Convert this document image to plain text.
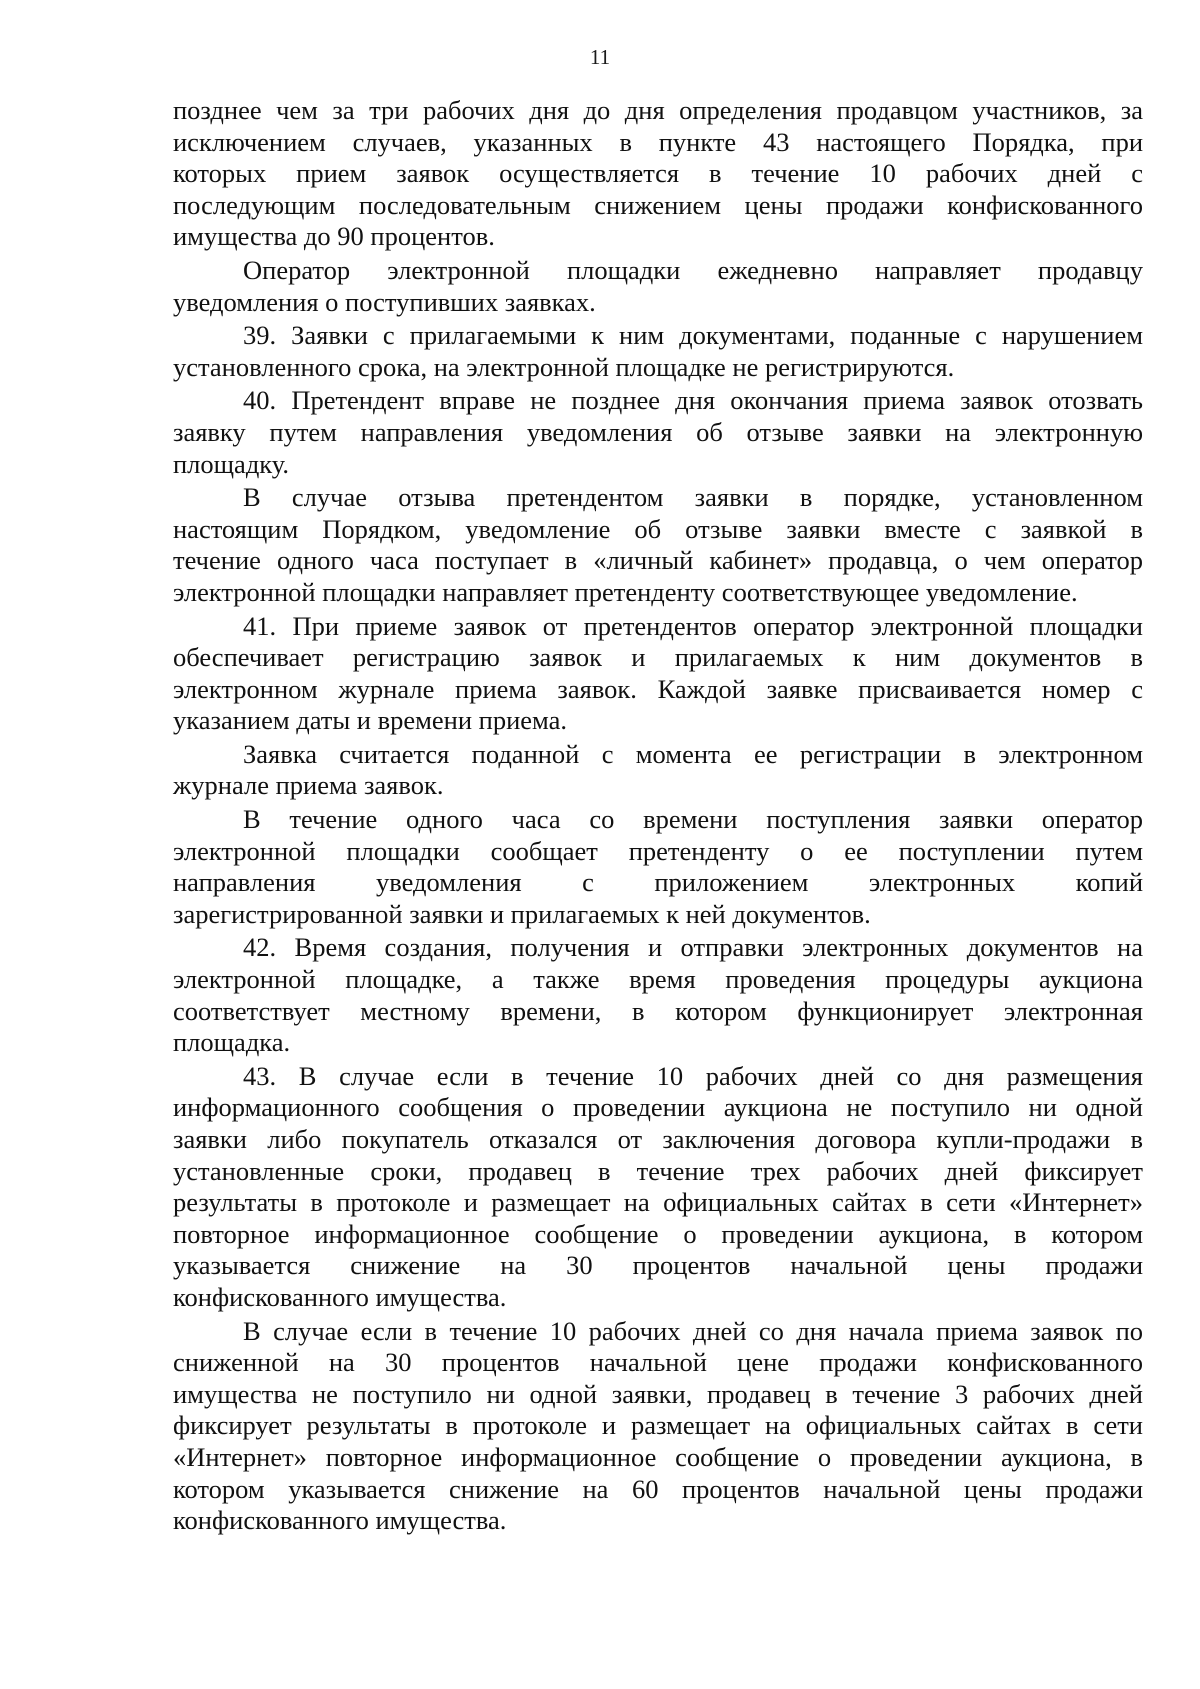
11
позднее чем за три рабочих дня до дня определения продавцом участников, за
исключением случаев, указанных в пункте 43 настоящего Порядка, при
которых прием заявок осуществляется в течение 10 рабочих дней с
последующим последовательным снижением цены продажи конфискованного
имущества до 90 процентов.
Оператор электронной площадки ежедневно направляет продавцу
уведомления о поступивших заявках.
39. Заявки с прилагаемыми к ним документами, поданные с нарушением
установленного срока, на электронной площадке не регистрируются.
40. Претендент вправе не позднее дня окончания приема заявок отозвать
заявку путем направления уведомления об отзыве заявки на электронную
площадку.
В случае отзыва претендентом заявки в порядке, установленном
настоящим Порядком, уведомление об отзыве заявки вместе с заявкой в
течение одного часа поступает в «личный кабинет» продавца, о чем оператор
электронной площадки направляет претенденту соответствующее уведомление.
41. При приеме заявок от претендентов оператор электронной площадки
обеспечивает регистрацию заявок и прилагаемых к ним документов в
электронном журнале приема заявок. Каждой заявке присваивается номер с
указанием даты и времени приема.
Заявка считается поданной с момента ее регистрации в электронном
журнале приема заявок.
В течение одного часа со времени поступления заявки оператор
электронной площадки сообщает претенденту о ее поступлении путем
направления уведомления с приложением электронных копий
зарегистрированной заявки и прилагаемых к ней документов.
42. Время создания, получения и отправки электронных документов на
электронной площадке, а также время проведения процедуры аукциона
соответствует местному времени, в котором функционирует электронная
площадка.
43. В случае если в течение 10 рабочих дней со дня размещения
информационного сообщения о проведении аукциона не поступило ни одной
заявки либо покупатель отказался от заключения договора купли-продажи в
установленные сроки, продавец в течение трех рабочих дней фиксирует
результаты в протоколе и размещает на официальных сайтах в сети «Интернет»
повторное информационное сообщение о проведении аукциона, в котором
указывается снижение на 30 процентов начальной цены продажи
конфискованного имущества.
В случае если в течение 10 рабочих дней со дня начала приема заявок по
сниженной на 30 процентов начальной цене продажи конфискованного
имущества не поступило ни одной заявки, продавец в течение 3 рабочих дней
фиксирует результаты в протоколе и размещает на официальных сайтах в сети
«Интернет» повторное информационное сообщение о проведении аукциона, в
котором указывается снижение на 60 процентов начальной цены продажи
конфискованного имущества.
